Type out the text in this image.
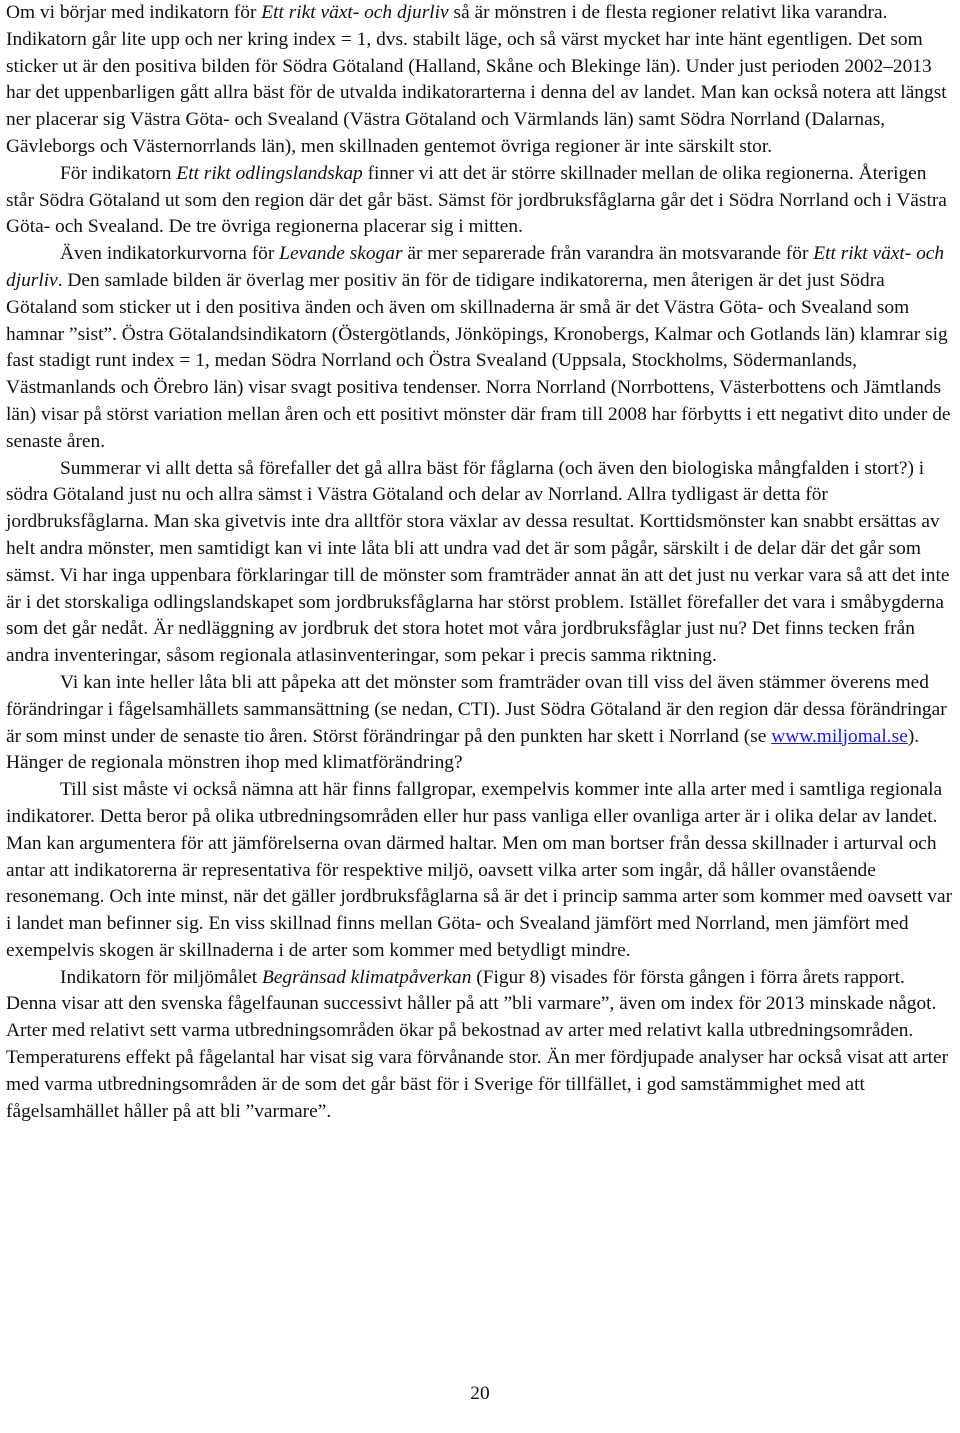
Om vi börjar med indikatorn för Ett rikt växt- och djurliv så är mönstren i de flesta regioner relativt lika varandra. Indikatorn går lite upp och ner kring index = 1, dvs. stabilt läge, och så värst mycket har inte hänt egentligen. Det som sticker ut är den positiva bilden för Södra Götaland (Halland, Skåne och Blekinge län). Under just perioden 2002–2013 har det uppenbarligen gått allra bäst för de utvalda indikatorarterna i denna del av landet. Man kan också notera att längst ner placerar sig Västra Göta- och Svealand (Västra Götaland och Värmlands län) samt Södra Norrland (Dalarnas, Gävleborgs och Västernorrlands län), men skillnaden gentemot övriga regioner är inte särskilt stor.

För indikatorn Ett rikt odlingslandskap finner vi att det är större skillnader mellan de olika regionerna. Återigen står Södra Götaland ut som den region där det går bäst. Sämst för jordbruksfåglarna går det i Södra Norrland och i Västra Göta- och Svealand. De tre övriga regionerna placerar sig i mitten.

Även indikatorkurvorna för Levande skogar är mer separerade från varandra än motsvarande för Ett rikt växt- och djurliv. Den samlade bilden är överlag mer positiv än för de tidigare indikatorerna, men återigen är det just Södra Götaland som sticker ut i den positiva änden och även om skillnaderna är små är det Västra Göta- och Svealand som hamnar ”sist”. Östra Götalandsindikatorn (Östergötlands, Jönköpings, Kronobergs, Kalmar och Gotlands län) klamrar sig fast stadigt runt index = 1, medan Södra Norrland och Östra Svealand (Uppsala, Stockholms, Södermanlands, Västmanlands och Örebro län) visar svagt positiva tendenser. Norra Norrland (Norrbottens, Västerbottens och Jämtlands län) visar på störst variation mellan åren och ett positivt mönster där fram till 2008 har förbytts i ett negativt dito under de senaste åren.

Summerar vi allt detta så förefaller det gå allra bäst för fåglarna (och även den biologiska mångfalden i stort?) i södra Götaland just nu och allra sämst i Västra Götaland och delar av Norrland. Allra tydligast är detta för jordbruksfåglarna. Man ska givetvis inte dra alltför stora växlar av dessa resultat. Korttidsmönster kan snabbt ersättas av helt andra mönster, men samtidigt kan vi inte låta bli att undra vad det är som pågår, särskilt i de delar där det går som sämst. Vi har inga uppenbara förklaringar till de mönster som framträder annat än att det just nu verkar vara så att det inte är i det storskaliga odlingslandskapet som jordbruksfåglarna har störst problem. Istället förefaller det vara i småbygderna som det går nedåt. Är nedläggning av jordbruk det stora hotet mot våra jordbruksfåglar just nu? Det finns tecken från andra inventeringar, såsom regionala atlasinventeringar, som pekar i precis samma riktning.

Vi kan inte heller låta bli att påpeka att det mönster som framträder ovan till viss del även stämmer överens med förändringar i fågelsamhällets sammansättning (se nedan, CTI). Just Södra Götaland är den region där dessa förändringar är som minst under de senaste tio åren. Störst förändringar på den punkten har skett i Norrland (se www.miljomal.se). Hänger de regionala mönstren ihop med klimatförändring?

Till sist måste vi också nämna att här finns fallgropar, exempelvis kommer inte alla arter med i samtliga regionala indikatorer. Detta beror på olika utbredningsområden eller hur pass vanliga eller ovanliga arter är i olika delar av landet. Man kan argumentera för att jämförelserna ovan därmed haltar. Men om man bortser från dessa skillnader i arturval och antar att indikatorerna är representativa för respektive miljö, oavsett vilka arter som ingår, då håller ovanstående resonemang. Och inte minst, när det gäller jordbruksfåglarna så är det i princip samma arter som kommer med oavsett var i landet man befinner sig. En viss skillnad finns mellan Göta- och Svealand jämfört med Norrland, men jämfört med exempelvis skogen är skillnaderna i de arter som kommer med betydligt mindre.

Indikatorn för miljömålet Begränsad klimatpåverkan (Figur 8) visades för första gången i förra årets rapport. Denna visar att den svenska fågelfaunan successivt håller på att ”bli varmare”, även om index för 2013 minskade något. Arter med relativt sett varma utbredningsområden ökar på bekostnad av arter med relativt kalla utbredningsområden. Temperaturens effekt på fågelantal har visat sig vara förvånande stor. Än mer fördjupade analyser har också visat att arter med varma utbredningsområden är de som det går bäst för i Sverige för tillfället, i god samstämmighet med att fågelsamhället håller på att bli ”varmare”.

20
